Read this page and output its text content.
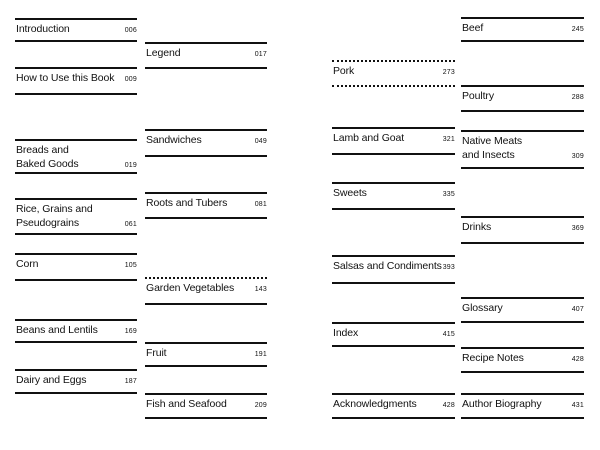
Introduction	006
How to Use this Book 009
Breads and
Baked Goods	019
Rice, Grains and
Pseudograins	061
Corn	105
Beans and Lentils	169
Dairy and Eggs	187
Legend	017
Sandwiches	049
Roots and Tubers	081
Garden Vegetables	143
Fruit	191
Fish and Seafood	209
Pork	273
Lamb and Goat	321
Sweets	335
Salsas and Condiments 393
Index	415
Acknowledgments	428
Beef	245
Poultry	288
Native Meats
and Insects	309
Drinks	369
Glossary	407
Recipe Notes	428
Author Biography	431
